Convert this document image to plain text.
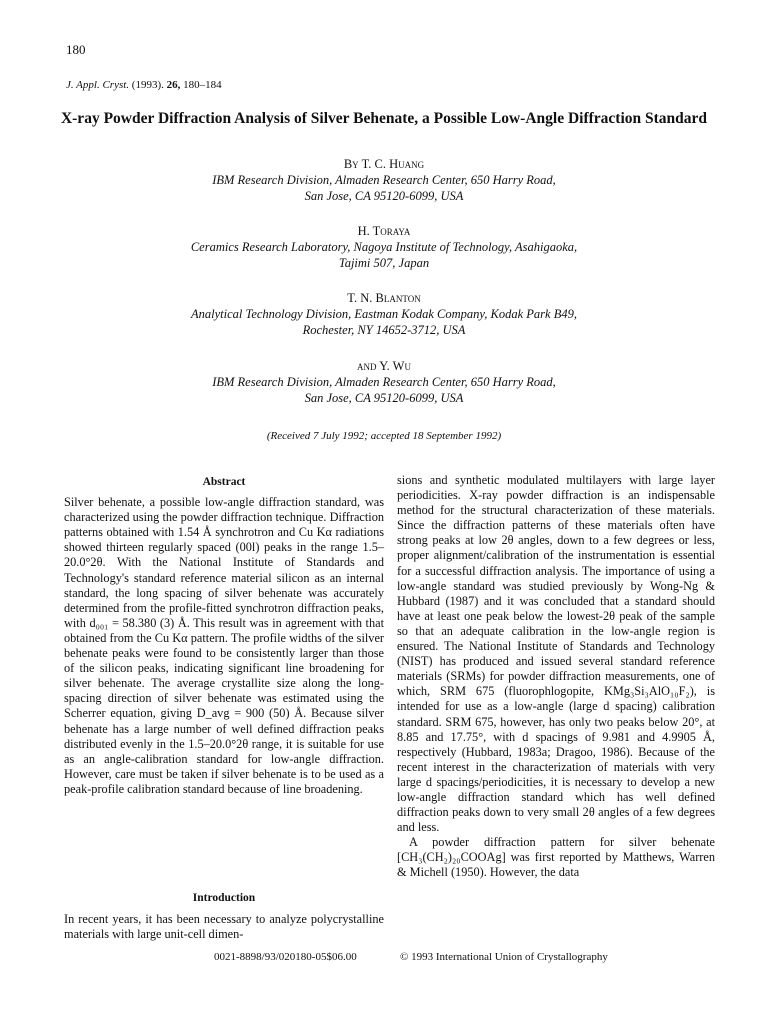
180
J. Appl. Cryst. (1993). 26, 180–184
X-ray Powder Diffraction Analysis of Silver Behenate, a Possible Low-Angle Diffraction Standard
By T. C. Huang
IBM Research Division, Almaden Research Center, 650 Harry Road,
San Jose, CA 95120-6099, USA
H. Toraya
Ceramics Research Laboratory, Nagoya Institute of Technology, Asahigaoka,
Tajimi 507, Japan
T. N. Blanton
Analytical Technology Division, Eastman Kodak Company, Kodak Park B49,
Rochester, NY 14652-3712, USA
and Y. Wu
IBM Research Division, Almaden Research Center, 650 Harry Road,
San Jose, CA 95120-6099, USA
(Received 7 July 1992; accepted 18 September 1992)
Abstract

Silver behenate, a possible low-angle diffraction standard, was characterized using the powder diffraction technique. Diffraction patterns obtained with 1.54 Å synchrotron and Cu Kα radiations showed thirteen regularly spaced (00l) peaks in the range 1.5–20.0°2θ. With the National Institute of Standards and Technology's standard reference material silicon as an internal standard, the long spacing of silver behenate was accurately determined from the profile-fitted synchrotron diffraction peaks, with d₀₀₁ = 58.380 (3) Å. This result was in agreement with that obtained from the Cu Kα pattern. The profile widths of the silver behenate peaks were found to be consistently larger than those of the silicon peaks, indicating significant line broadening for silver behenate. The average crystallite size along the long-spacing direction of silver behenate was estimated using the Scherrer equation, giving D_avg = 900 (50) Å. Because silver behenate has a large number of well defined diffraction peaks distributed evenly in the 1.5–20.0°2θ range, it is suitable for use as an angle-calibration standard for low-angle diffraction. However, care must be taken if silver behenate is to be used as a peak-profile calibration standard because of line broadening.

Introduction

In recent years, it has been necessary to analyze polycrystalline materials with large unit-cell dimen-

sions and synthetic modulated multilayers with large layer periodicities. X-ray powder diffraction is an indispensable method for the structural characterization of these materials. Since the diffraction patterns of these materials often have strong peaks at low 2θ angles, down to a few degrees or less, proper alignment/calibration of the instrumentation is essential for a successful diffraction analysis. The importance of using a low-angle standard was studied previously by Wong-Ng & Hubbard (1987) and it was concluded that a standard should have at least one peak below the lowest-2θ peak of the sample so that an adequate calibration in the low-angle region is ensured. The National Institute of Standards and Technology (NIST) has produced and issued several standard reference materials (SRMs) for powder diffraction measurements, one of which, SRM 675 (fluorophlogopite, KMg₃Si₃AlO₁₀F₂), is intended for use as a low-angle (large d spacing) calibration standard. SRM 675, however, has only two peaks below 20°, at 8.85 and 17.75°, with d spacings of 9.981 and 4.9905 Å, respectively (Hubbard, 1983a; Dragoo, 1986). Because of the recent interest in the characterization of materials with very large d spacings/periodicities, it is necessary to develop a new low-angle diffraction standard which has well defined diffraction peaks down to very small 2θ angles of a few degrees and less.

A powder diffraction pattern for silver behenate [CH₃(CH₂)₂₀COOAg] was first reported by Matthews, Warren & Michell (1950). However, the data

0021-8898/93/020180-05$06.00	© 1993 International Union of Crystallography
